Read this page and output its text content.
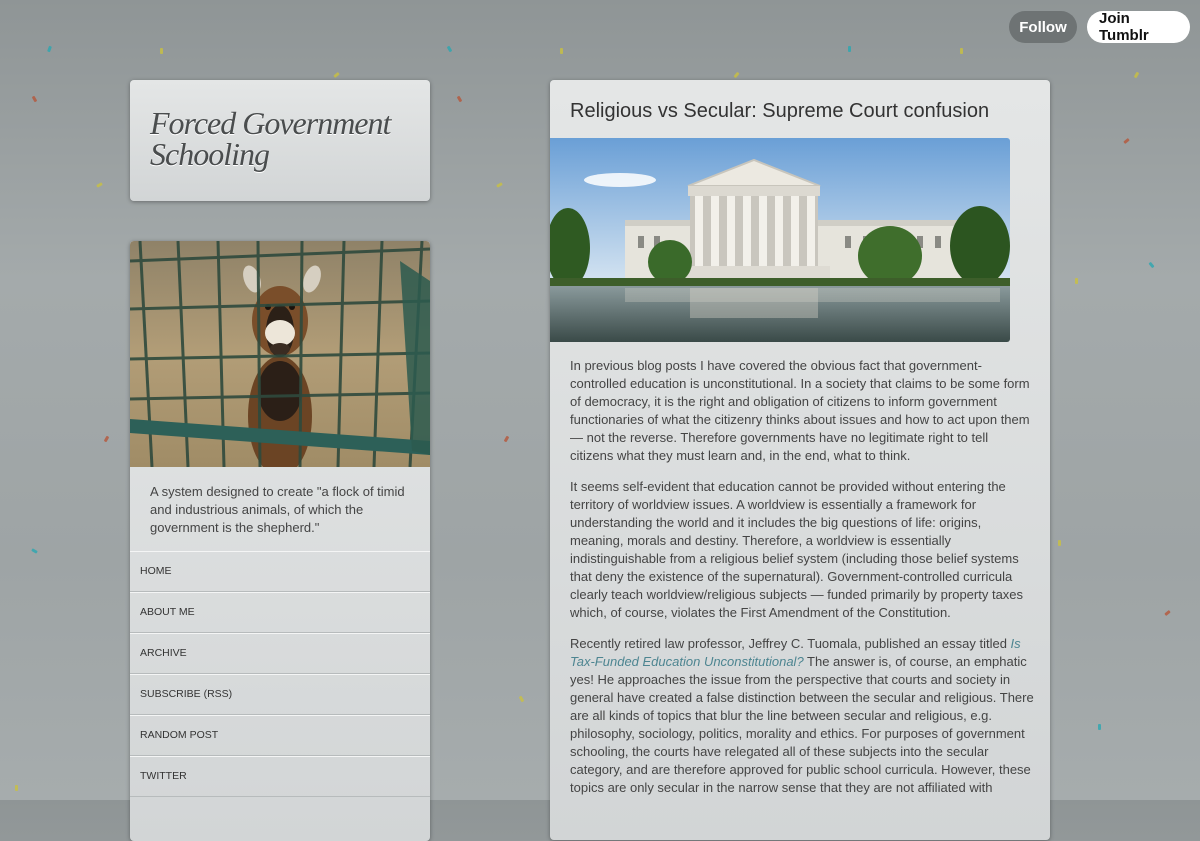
Follow	Join Tumblr
Forced Government Schooling
A system designed to create "a flock of timid and industrious animals, of which the government is the shepherd."
HOME
ABOUT ME
ARCHIVE
SUBSCRIBE (RSS)
RANDOM POST
TWITTER
Religious vs Secular: Supreme Court confusion

In previous blog posts I have covered the obvious fact that government-controlled education is unconstitutional. In a society that claims to be some form of democracy, it is the right and obligation of citizens to inform government functionaries of what the citizenry thinks about issues and how to act upon them — not the reverse. Therefore governments have no legitimate right to tell citizens what they must learn and, in the end, what to think.

It seems self-evident that education cannot be provided without entering the territory of worldview issues. A worldview is essentially a framework for understanding the world and it includes the big questions of life: origins, meaning, morals and destiny. Therefore, a worldview is essentially indistinguishable from a religious belief system (including those belief systems that deny the existence of the supernatural). Government-controlled curricula clearly teach worldview/religious subjects — funded primarily by property taxes which, of course, violates the First Amendment of the Constitution.

Recently retired law professor, Jeffrey C. Tuomala, published an essay titled Is Tax-Funded Education Unconstitutional? The answer is, of course, an emphatic yes! He approaches the issue from the perspective that courts and society in general have created a false distinction between the secular and religious. There are all kinds of topics that blur the line between secular and religious, e.g. philosophy, sociology, politics, morality and ethics. For purposes of government schooling, the courts have relegated all of these subjects into the secular category, and are therefore approved for public school curricula. However, these topics are only secular in the narrow sense that they are not affiliated with
